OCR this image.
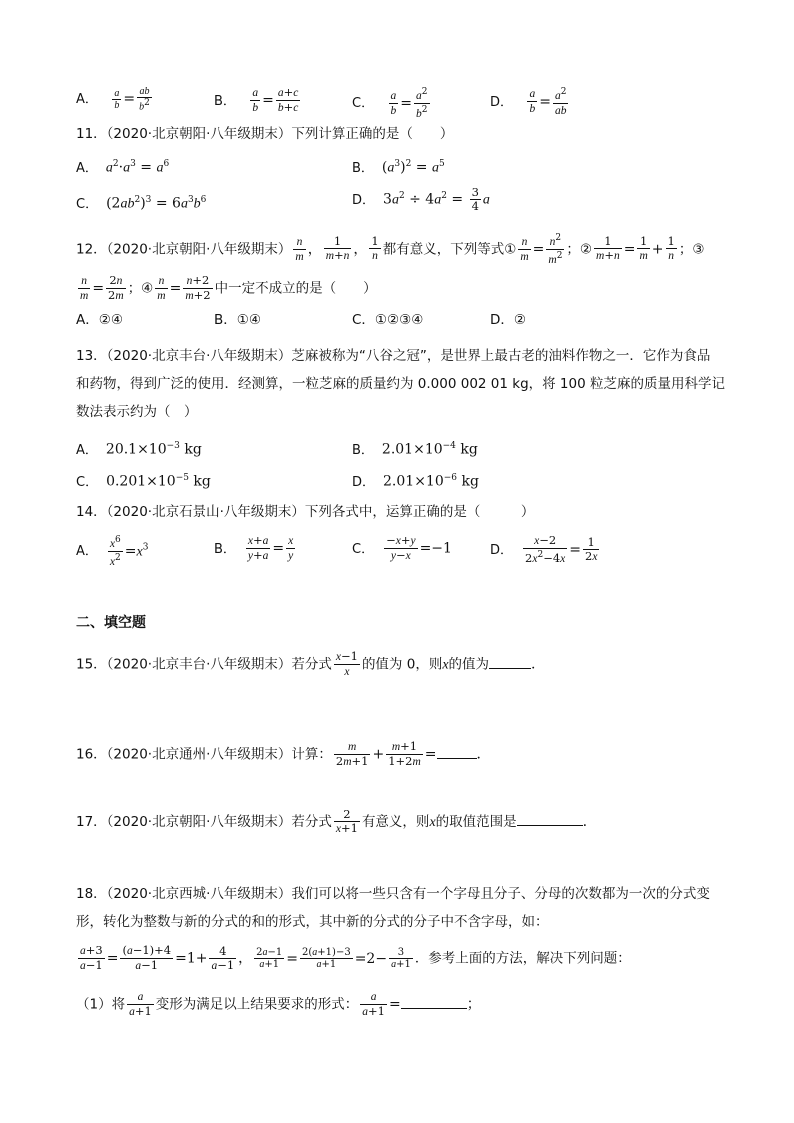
A． $\frac{a}{b} = \frac{ab}{b^2}$	B． $\frac{a}{b} = \frac{a+c}{b+c}$	C． $\frac{a}{b} = \frac{a^2}{b^2}$	D． $\frac{a}{b} = \frac{a^2}{ab}$
11．（2020·北京朝阳·八年级期末）下列计算正确的是（　　）
A． $a^2\cdot a^3 = a^6$	B． $(a^3)^2 = a^5$
C． $(2ab^2)^3 = 6a^3b^6$	D． $3a^2 \div 4a^2 = \frac{3}{4}$ a
12．（2020·北京朝阳·八年级期末） $\frac{n}{m}$ ， $\frac{1}{m+n}$ ， $\frac{1}{n}$ 都有意义，下列等式① $\frac{n}{m} = \frac{n^2}{m^2}$ ；② $\frac{1}{m+n} = \frac{1}{m} + \frac{1}{n}$ ；③
$\frac{n}{m} = \frac{2n}{2m}$ ；④ $\frac{n}{m} = \frac{n+2}{m+2}$ 中一定不成立的是（　　）
A．②④	B．①④	C．①②③④	D．②
13．（2020·北京丰台·八年级期末）芝麻被称为“八谷之冠”，是世界上最古老的油料作物之一．它作为食品
和药物，得到广泛的使用．经测算，一粒芝麻的质量约为 0.000 002 01 kg，将 100 粒芝麻的质量用科学记
数法表示约为（　）
A． $20.1\times 10^{-3}$ kg	B． $2.01\times 10^{-4}$ kg
C． $0.201\times 10^{-5}$ kg	D． $2.01\times 10^{-6}$ kg
14．（2020·北京石景山·八年级期末）下列各式中，运算正确的是（　　　）
A． $\frac{x^6}{x^2} =x^3$	B． $\frac{x+a}{y+a} = \frac{x}{y}$	C． $\frac{-x+y}{y-x} =-1$	D． $\frac{x-2}{2x^2-4x} = \frac{1}{2x}$
二、填空题
15．（2020·北京丰台·八年级期末）若分式 $\frac{x-1}{x}$ 的值为 0，则x的值为	.
16．（2020·北京通州·八年级期末）计算： $\frac{m}{2m+1} + \frac{m+1}{1+2m}$ =	．
17．（2020·北京朝阳·八年级期末）若分式 $\frac{2}{x+1}$ 有意义，则x的取值范围是	.
18．（2020·北京西城·八年级期末）我们可以将一些只含有一个字母且分子、分母的次数都为一次的分式变
形，转化为整数与新的分式的和的形式，其中新的分式的分子中不含字母，如：
$\frac{a+3}{a-1} = \frac{(a-1)+4}{a-1} =1+ \frac{4}{a-1}$ ， $\frac{2a-1}{a+1} = \frac{2(a+1)-3}{a+1} =2- \frac{3}{a+1}$ ．参考上面的方法，解决下列问题：
（1）将 $\frac{a}{a+1}$ 变形为满足以上结果要求的形式： $\frac{a}{a+1}$ =	；
